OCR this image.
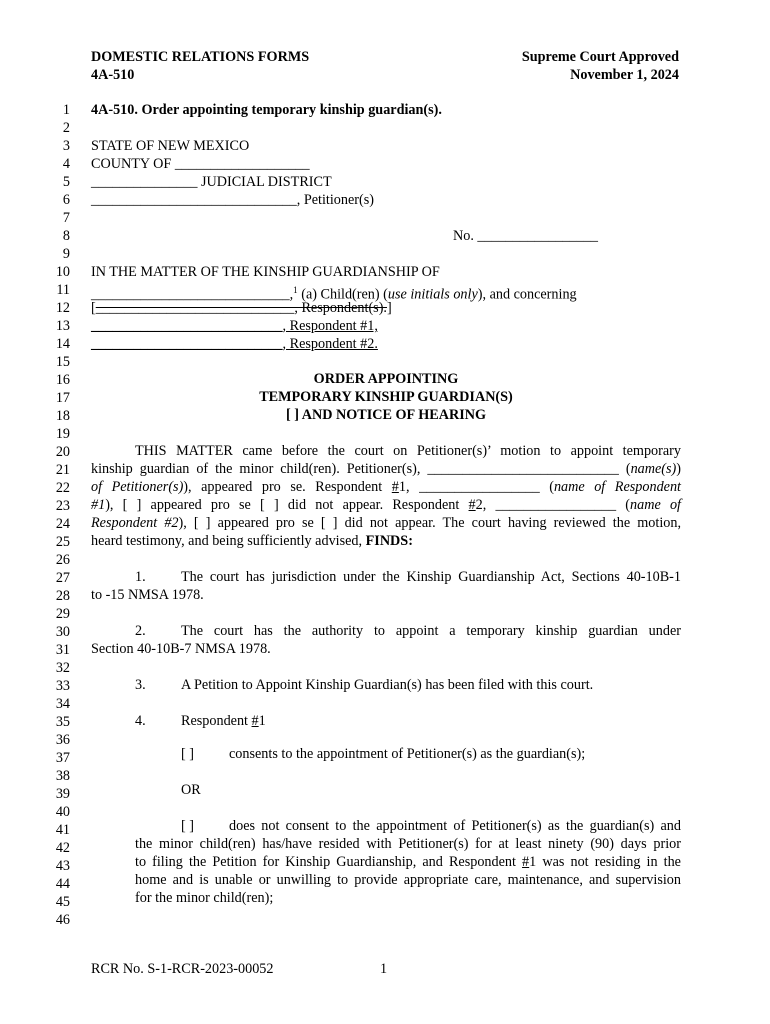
DOMESTIC RELATIONS FORMS
4A-510
Supreme Court Approved
November 1, 2024
1
2
3
4
5
6
7
8
9
10
11
12
13
14
15
16
17
18
19
20
21
22
23
24
25
26
27
28
29
30
31
32
33
34
35
36
37
38
39
40
41
42
43
44
45
46
4A-510. Order appointing temporary kinship guardian(s).
STATE OF NEW MEXICO
COUNTY OF ___________________
_______________ JUDICIAL DISTRICT
_____________________________, Petitioner(s)
No. _________________
IN THE MATTER OF THE KINSHIP GUARDIANSHIP OF
____________________________,$^1$ (a) Child(ren) (use initials only), and concerning
[____________________________, Respondent(s).]
___________________________, Respondent #1,
___________________________, Respondent #2.
ORDER APPOINTING
TEMPORARY KINSHIP GUARDIAN(S)
[ ] AND NOTICE OF HEARING
THIS MATTER came before the court on Petitioner(s)’ motion to appoint temporary
kinship guardian of the minor child(ren). Petitioner(s), ___________________________ (name(s))
of Petitioner(s)), appeared pro se. Respondent #1, _________________ (name of Respondent
#1), [ ] appeared pro se [ ] did not appear. Respondent #2, _________________ (name of
Respondent #2), [ ] appeared pro se [ ] did not appear. The court having reviewed the motion,
heard testimony, and being sufficiently advised, FINDS:
1. The court has jurisdiction under the Kinship Guardianship Act, Sections 40-10B-1
to -15 NMSA 1978.
2. The court has the authority to appoint a temporary kinship guardian under
Section 40-10B-7 NMSA 1978.
3. A Petition to Appoint Kinship Guardian(s) has been filed with this court.
4. Respondent #1
[ ] consents to the appointment of Petitioner(s) as the guardian(s);
OR
[ ] does not consent to the appointment of Petitioner(s) as the guardian(s) and
the minor child(ren) has/have resided with Petitioner(s) for at least ninety (90) days prior
to filing the Petition for Kinship Guardianship, and Respondent #1 was not residing in the
home and is unable or unwilling to provide appropriate care, maintenance, and supervision
for the minor child(ren);
RCR No. S-1-RCR-2023-00052	1
